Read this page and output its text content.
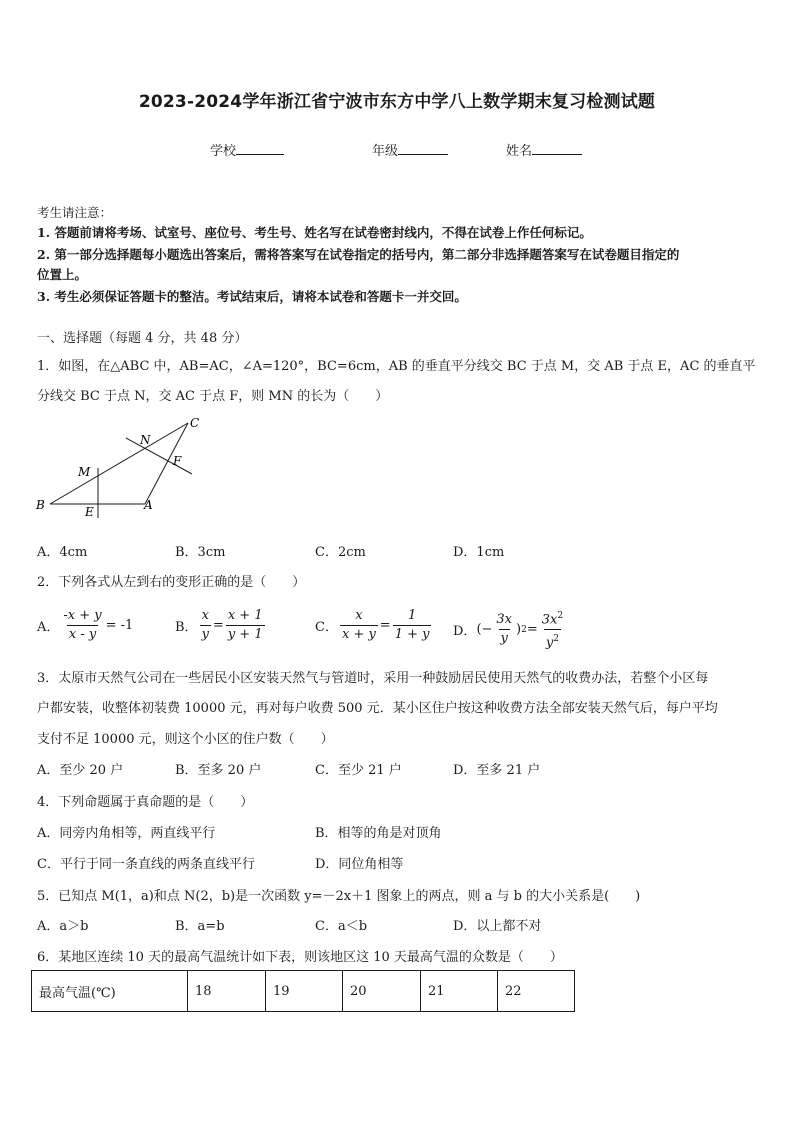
2023-2024学年浙江省宁波市东方中学八上数学期末复习检测试题
学校	年级	姓名
考生请注意：
1. 答题前请将考场、试室号、座位号、考生号、姓名写在试卷密封线内，不得在试卷上作任何标记。
2. 第一部分选择题每小题选出答案后，需将答案写在试卷指定的括号内，第二部分非选择题答案写在试卷题目指定的
位置上。
3. 考生必须保证答题卡的整洁。考试结束后，请将本试卷和答题卡一并交回。
一、选择题（每题 4 分，共 48 分）
1．如图，在△ABC 中，AB=AC，∠A=120°，BC=6cm，AB 的垂直平分线交 BC 于点 M，交 AB 于点 E，AC 的垂直平
分线交 BC 于点 N，交 AC 于点 F，则 MN 的长为（　　）
B	E	A
M
N
F
C
A．4cm	B．3cm	C．2cm	D．1cm
2．下列各式从左到右的变形正确的是（　　）
A． $\frac{-x + y}{x - y} = -1$	B． $\frac{x}{y} = \frac{x + 1}{y + 1}$	C． $\frac{x}{x + y} = \frac{1}{1 + y}$ D． (− $\frac{3x}{y}$ ) $2 = \frac{3x^2}{y^2}$
3．太原市天然气公司在一些居民小区安装天然气与管道时，采用一种鼓励居民使用天然气的收费办法，若整个小区每
户都安装，收整体初装费 10000 元，再对每户收费 500 元．某小区住户按这种收费方法全部安装天然气后，每户平均
支付不足 10000 元，则这个小区的住户数（　　）
A．至少 20 户	B．至多 20 户	C．至少 21 户	D．至多 21 户
4．下列命题属于真命题的是（　　）
A．同旁内角相等，两直线平行	B．相等的角是对顶角
C．平行于同一条直线的两条直线平行	D．同位角相等
5．已知点 M(1，a)和点 N(2，b)是一次函数 y=－2x＋1 图象上的两点，则 a 与 b 的大小关系是(　　)
A．a＞b	B．a=b	C．a＜b	D．以上都不对
6．某地区连续 10 天的最高气温统计如下表，则该地区这 10 天最高气温的众数是（　　）
最高气温(℃)	18	19	20	21	22
